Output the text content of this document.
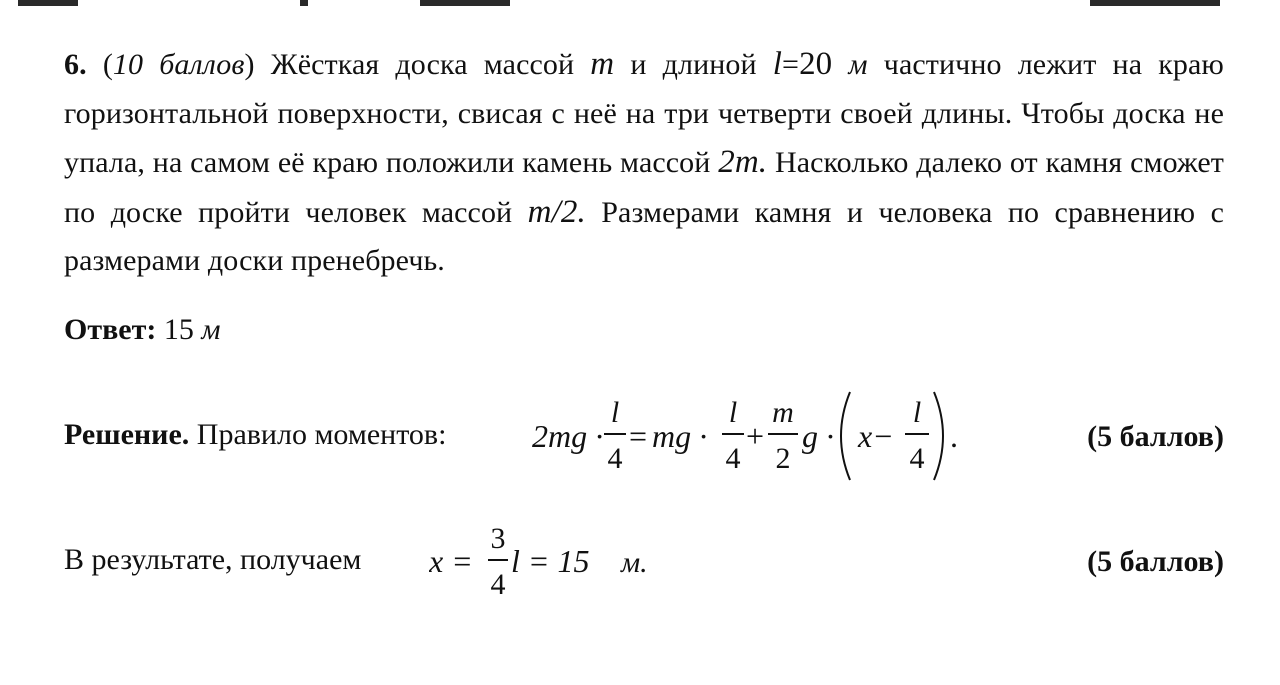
6. (10 баллов) Жёсткая доска массой m и длиной l=20 м частично лежит на краю горизонтальной поверхности, свисая с неё на три четверти своей длины. Чтобы доска не упала, на самом её краю положили камень массой 2m. Насколько далеко от камня сможет по доске пройти человек массой m/2. Размерами камня и человека по сравнению с размерами доски пренебречь.
Ответ: 15 м
Решение. Правило моментов:	2mg ·
l
4
= mg ·
l
4
+
m
2
g · x−
l
4
.	(5 баллов)
В результате, получаем x =
3
4
l = 15 м.	(5 баллов)
